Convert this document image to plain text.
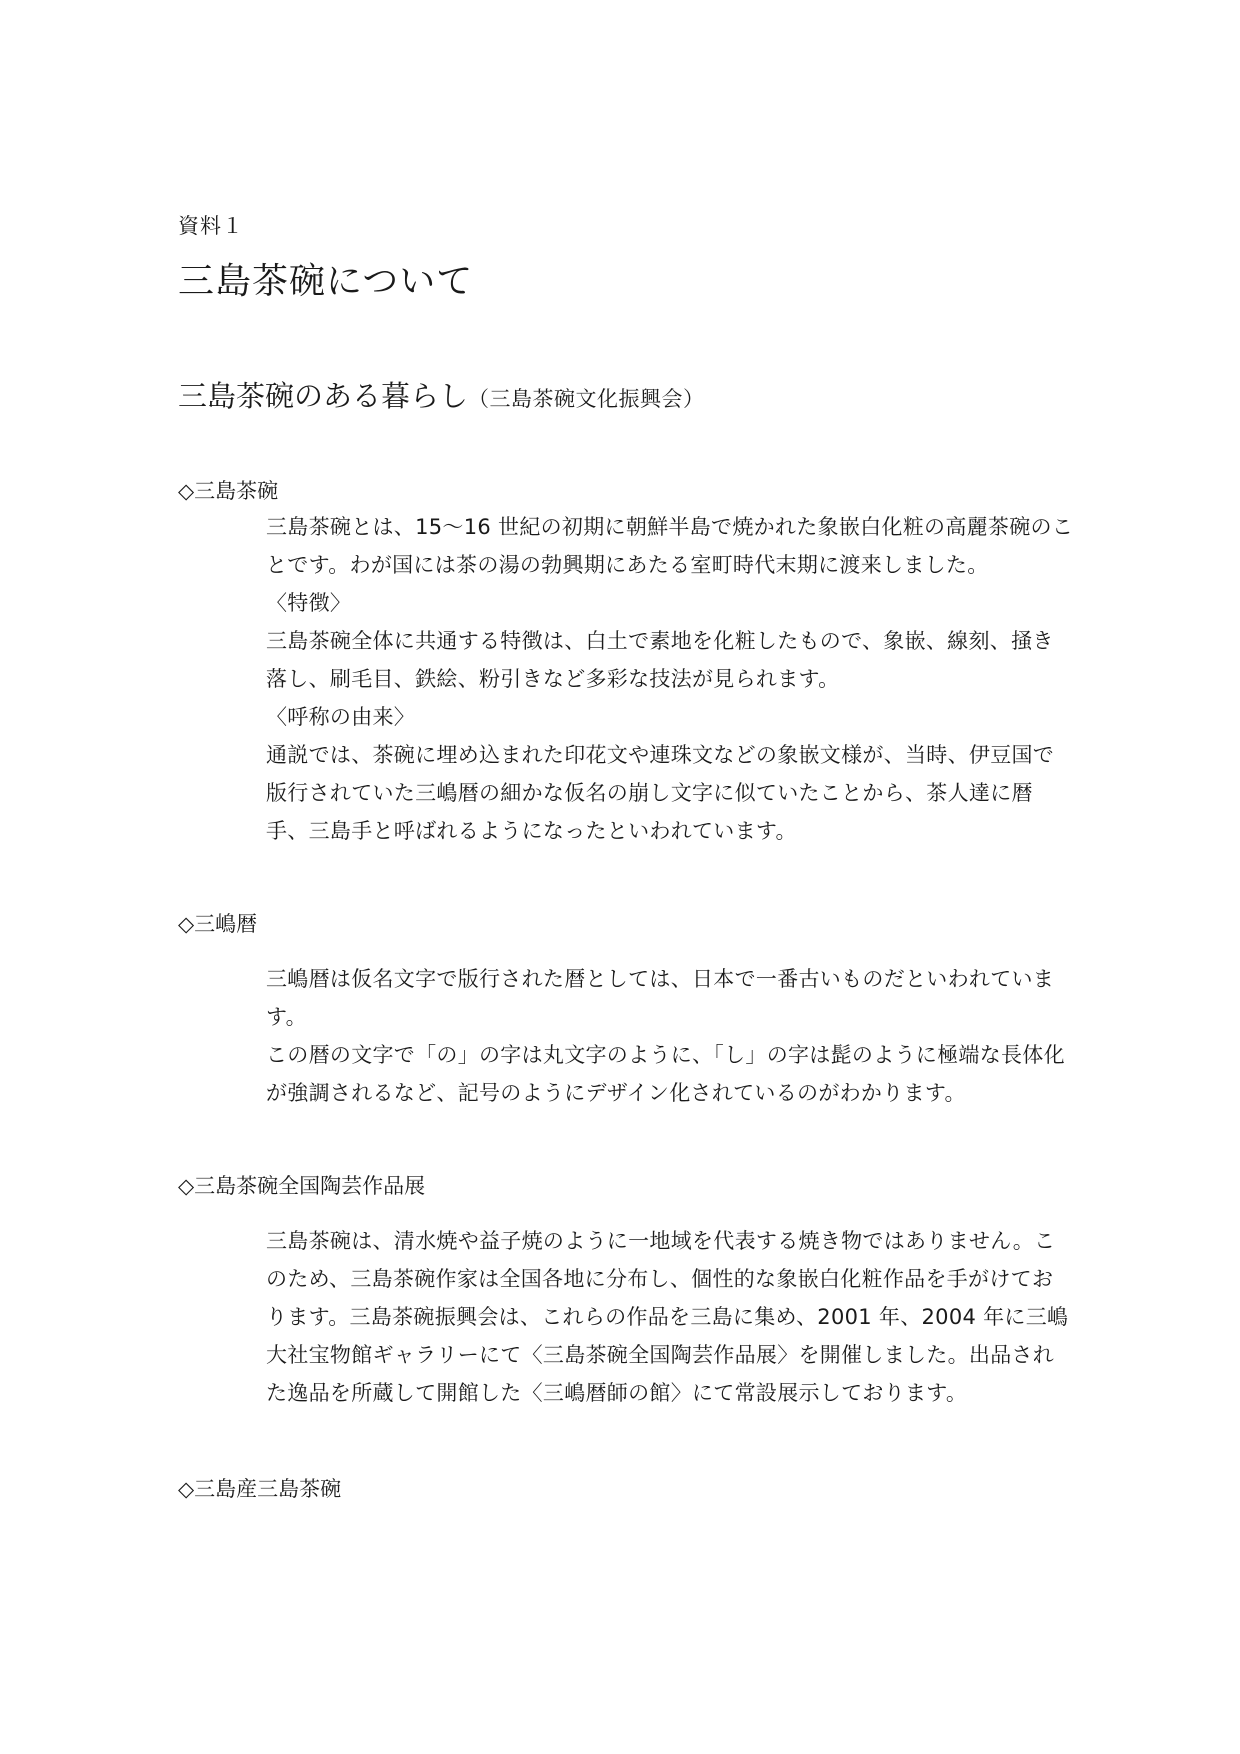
資料１
三島茶碗について
三島茶碗のある暮らし（三島茶碗文化振興会）
◇三島茶碗

三島茶碗とは、15～16 世紀の初期に朝鮮半島で焼かれた象嵌白化粧の高麗茶碗のことです。わが国には茶の湯の勃興期にあたる室町時代末期に渡来しました。

〈特徴〉

三島茶碗全体に共通する特徴は、白土で素地を化粧したもので、象嵌、線刻、掻き落し、刷毛目、鉄絵、粉引きなど多彩な技法が見られます。

〈呼称の由来〉

通説では、茶碗に埋め込まれた印花文や連珠文などの象嵌文様が、当時、伊豆国で版行されていた三嶋暦の細かな仮名の崩し文字に似ていたことから、茶人達に暦手、三島手と呼ばれるようになったといわれています。

◇三嶋暦

三嶋暦は仮名文字で版行された暦としては、日本で一番古いものだといわれています。

この暦の文字で「の」の字は丸文字のように、「し」の字は髭のように極端な長体化が強調されるなど、記号のようにデザイン化されているのがわかります。

◇三島茶碗全国陶芸作品展

三島茶碗は、清水焼や益子焼のように一地域を代表する焼き物ではありません。このため、三島茶碗作家は全国各地に分布し、個性的な象嵌白化粧作品を手がけております。三島茶碗振興会は、これらの作品を三島に集め、2001 年、2004 年に三嶋大社宝物館ギャラリーにて〈三島茶碗全国陶芸作品展〉を開催しました。出品された逸品を所蔵して開館した〈三嶋暦師の館〉にて常設展示しております。

◇三島産三島茶碗
